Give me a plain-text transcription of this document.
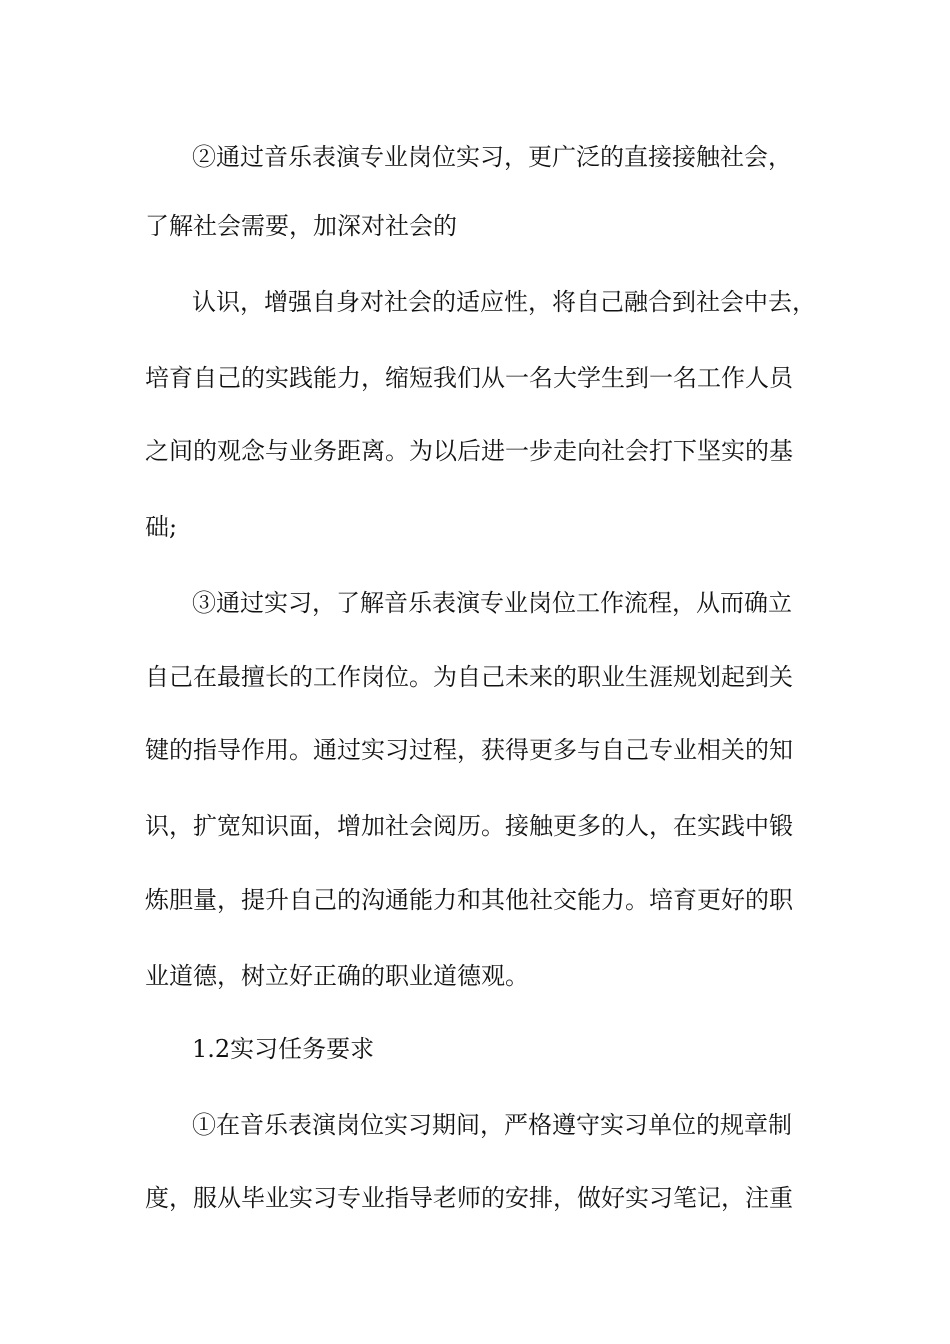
②通过音乐表演专业岗位实习，更广泛的直接接触社会，
了解社会需要，加深对社会的
认识，增强自身对社会的适应性，将自己融合到社会中去，
培育自己的实践能力，缩短我们从一名大学生到一名工作人员
之间的观念与业务距离。为以后进一步走向社会打下坚实的基
础;
③通过实习，了解音乐表演专业岗位工作流程，从而确立
自己在最擅长的工作岗位。为自己未来的职业生涯规划起到关
键的指导作用。通过实习过程，获得更多与自己专业相关的知
识，扩宽知识面，增加社会阅历。接触更多的人，在实践中锻
炼胆量，提升自己的沟通能力和其他社交能力。培育更好的职
业道德，树立好正确的职业道德观。
1.2实习任务要求
①在音乐表演岗位实习期间，严格遵守实习单位的规章制
度，服从毕业实习专业指导老师的安排，做好实习笔记，注重
